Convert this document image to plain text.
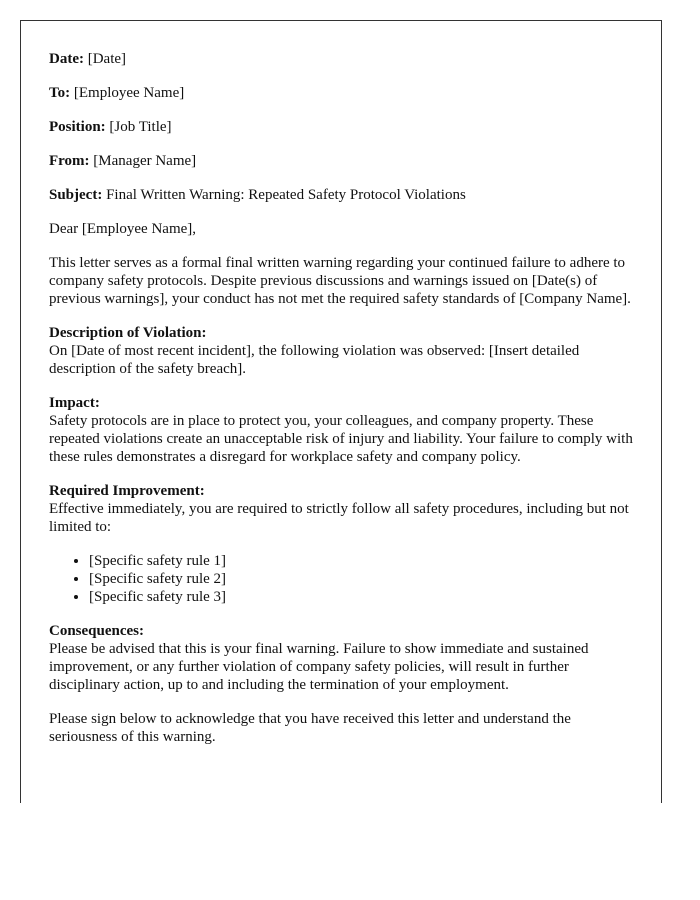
Date: [Date]

To: [Employee Name]

Position: [Job Title]

From: [Manager Name]

Subject: Final Written Warning: Repeated Safety Protocol Violations

Dear [Employee Name],

This letter serves as a formal final written warning regarding your continued failure to adhere to company safety protocols. Despite previous discussions and warnings issued on [Date(s) of previous warnings], your conduct has not met the required safety standards of [Company Name].

Description of Violation:
On [Date of most recent incident], the following violation was observed: [Insert detailed description of the safety breach].
Impact:
Safety protocols are in place to protect you, your colleagues, and company property. These repeated violations create an unacceptable risk of injury and liability. Your failure to comply with these rules demonstrates a disregard for workplace safety and company policy.
Required Improvement:
Effective immediately, you are required to strictly follow all safety procedures, including but not limited to:
• [Specific safety rule 1]
• [Specific safety rule 2]
• [Specific safety rule 3]
Consequences:
Please be advised that this is your final warning. Failure to show immediate and sustained improvement, or any further violation of company safety policies, will result in further disciplinary action, up to and including the termination of your employment.

Please sign below to acknowledge that you have received this letter and understand the seriousness of this warning.
